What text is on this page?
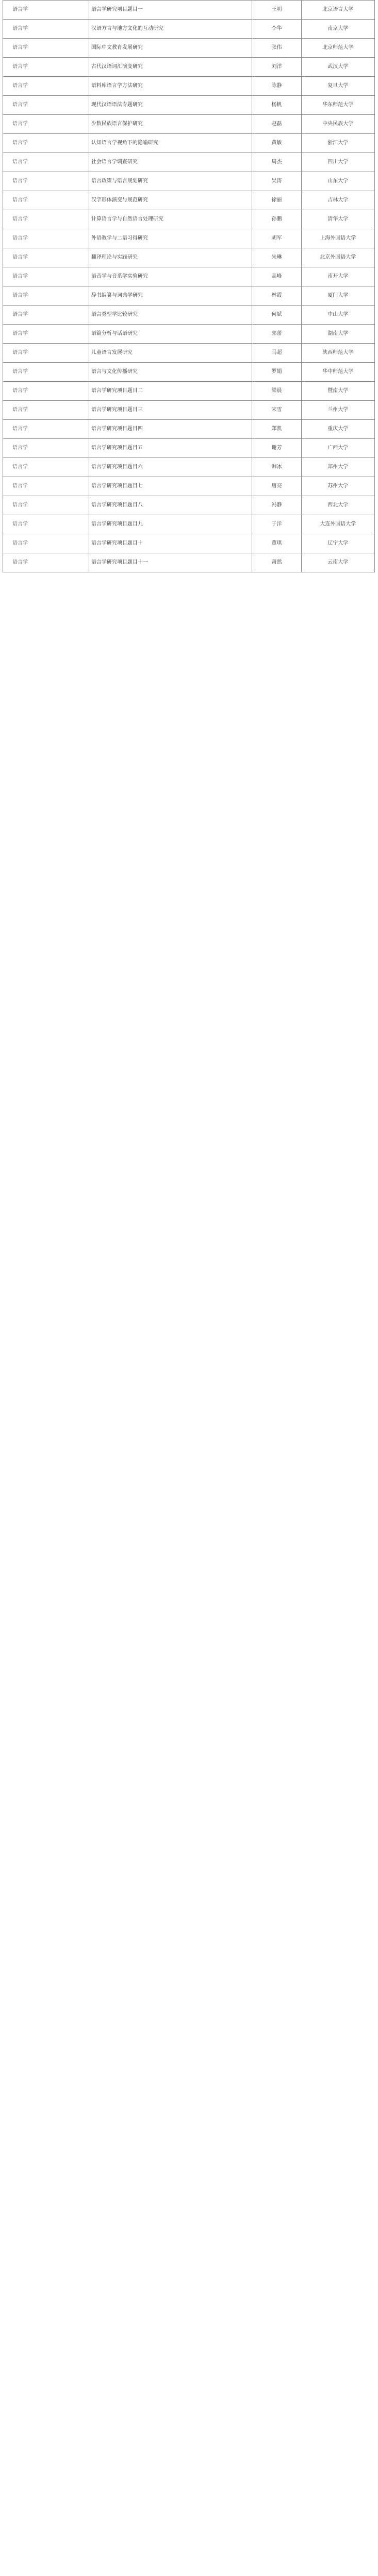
语言学	语言学研究项目题目一	王明	北京语言大学
语言学	汉语方言与地方文化的互动研究	李华	南京大学
语言学	国际中文教育发展研究	张伟	北京师范大学
语言学	古代汉语词汇演变研究	刘洋	武汉大学
语言学	语料库语言学方法研究	陈静	复旦大学
语言学	现代汉语语法专题研究	杨帆	华东师范大学
语言学	少数民族语言保护研究	赵磊	中央民族大学
语言学	认知语言学视角下的隐喻研究	黄敏	浙江大学
语言学	社会语言学调查研究	周杰	四川大学
语言学	语言政策与语言规划研究	吴涛	山东大学
语言学	汉字形体演变与规范研究	徐丽	吉林大学
语言学	计算语言学与自然语言处理研究	孙鹏	清华大学
语言学	外语教学与二语习得研究	胡军	上海外国语大学
语言学	翻译理论与实践研究	朱琳	北京外国语大学
语言学	语音学与音系学实验研究	高峰	南开大学
语言学	辞书编纂与词典学研究	林霞	厦门大学
语言学	语言类型学比较研究	何斌	中山大学
语言学	语篇分析与话语研究	郭蕾	湖南大学
语言学	儿童语言发展研究	马超	陕西师范大学
语言学	语言与文化传播研究	罗娟	华中师范大学
语言学	语言学研究项目题目二	梁晨	暨南大学
语言学	语言学研究项目题目三	宋雪	兰州大学
语言学	语言学研究项目题目四	郑凯	重庆大学
语言学	语言学研究项目题目五	谢芳	广西大学
语言学	语言学研究项目题目六	韩冰	郑州大学
语言学	语言学研究项目题目七	唐亮	苏州大学
语言学	语言学研究项目题目八	冯静	西北大学
语言学	语言学研究项目题目九	于洋	大连外国语大学
语言学	语言学研究项目题目十	董琪	辽宁大学
语言学	语言学研究项目题目十一	萧然	云南大学
